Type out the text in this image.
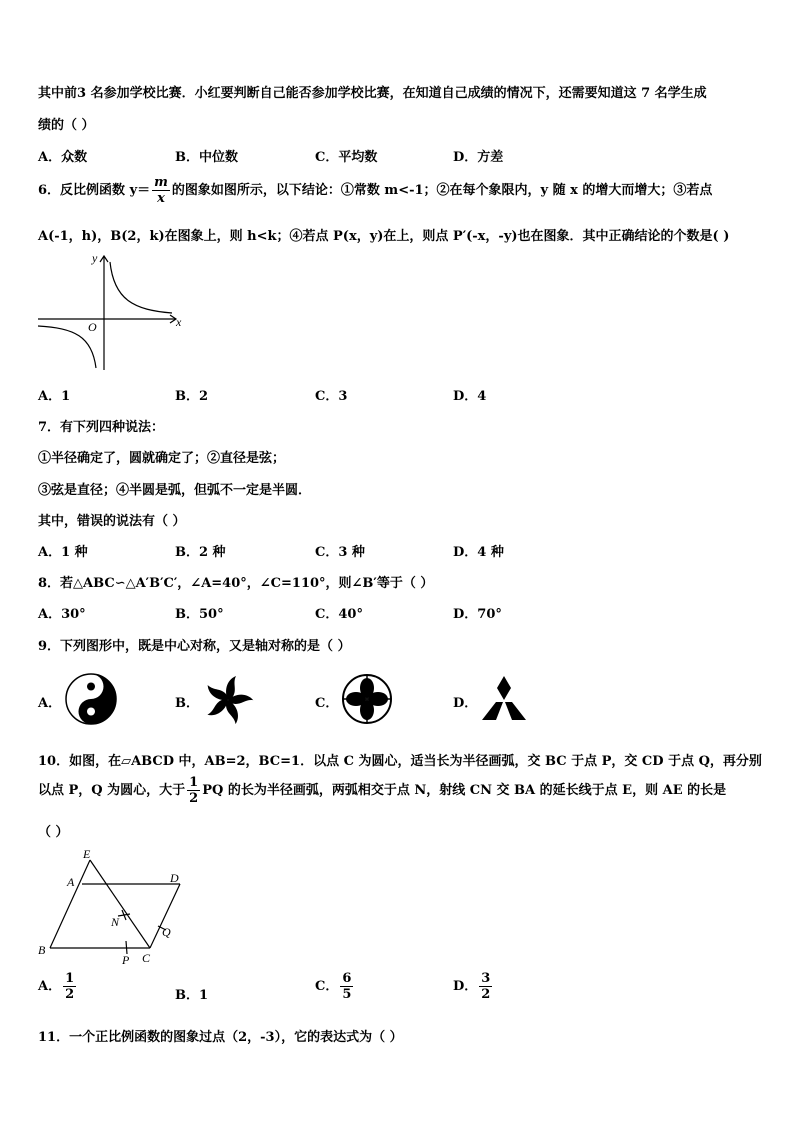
其中前3 名参加学校比赛．小红要判断自己能否参加学校比赛，在知道自己成绩的情况下，还需要知道这 7 名学生成
绩的（ ）
A．众数	B．中位数	C．平均数	D．方差
6．反比例函数 $y= \frac{m}{x}$ 的图象如图所示，以下结论：①常数 m<-1；②在每个象限内，y 随 x 的增大而增大；③若点
A(-1，h)，B(2，k)在图象上，则 h<k；④若点 P(x，y)在上，则点 P′(-x，-y)也在图象．其中正确结论的个数是( )
x
y
O
A．1	B．2	C．3	D．4
7．有下列四种说法：
①半径确定了，圆就确定了；②直径是弦；
③弦是直径；④半圆是弧，但弧不一定是半圆．
其中，错误的说法有（ ）
A．1 种	B．2 种	C．3 种	D．4 种
8．若△ABC∽△A′B′C′，∠A=40°，∠C=110°，则∠B′等于（ ）
A．30°	B．50°	C．40°	D．70°
9．下列图形中，既是中心对称，又是轴对称的是（ ）
A．	B．	C．	D．
10．如图，在▱ABCD 中，AB=2，BC=1．以点 C 为圆心，适当长为半径画弧，交 BC 于点 P，交 CD 于点 Q，再分别
以点 P，Q 为圆心，大于 $\frac{1}{2}$ PQ 的长为半径画弧，两弧相交于点 N，射线 CN 交 BA 的延长线于点 E，则 AE 的长是
（ ）
E
A	D
N
Q
B
P C
A． $\frac{1}{2}$	B．1
C． $\frac{6}{5}$	D． $\frac{3}{2}$
11．一个正比例函数的图象过点（2，-3），它的表达式为（ ）
